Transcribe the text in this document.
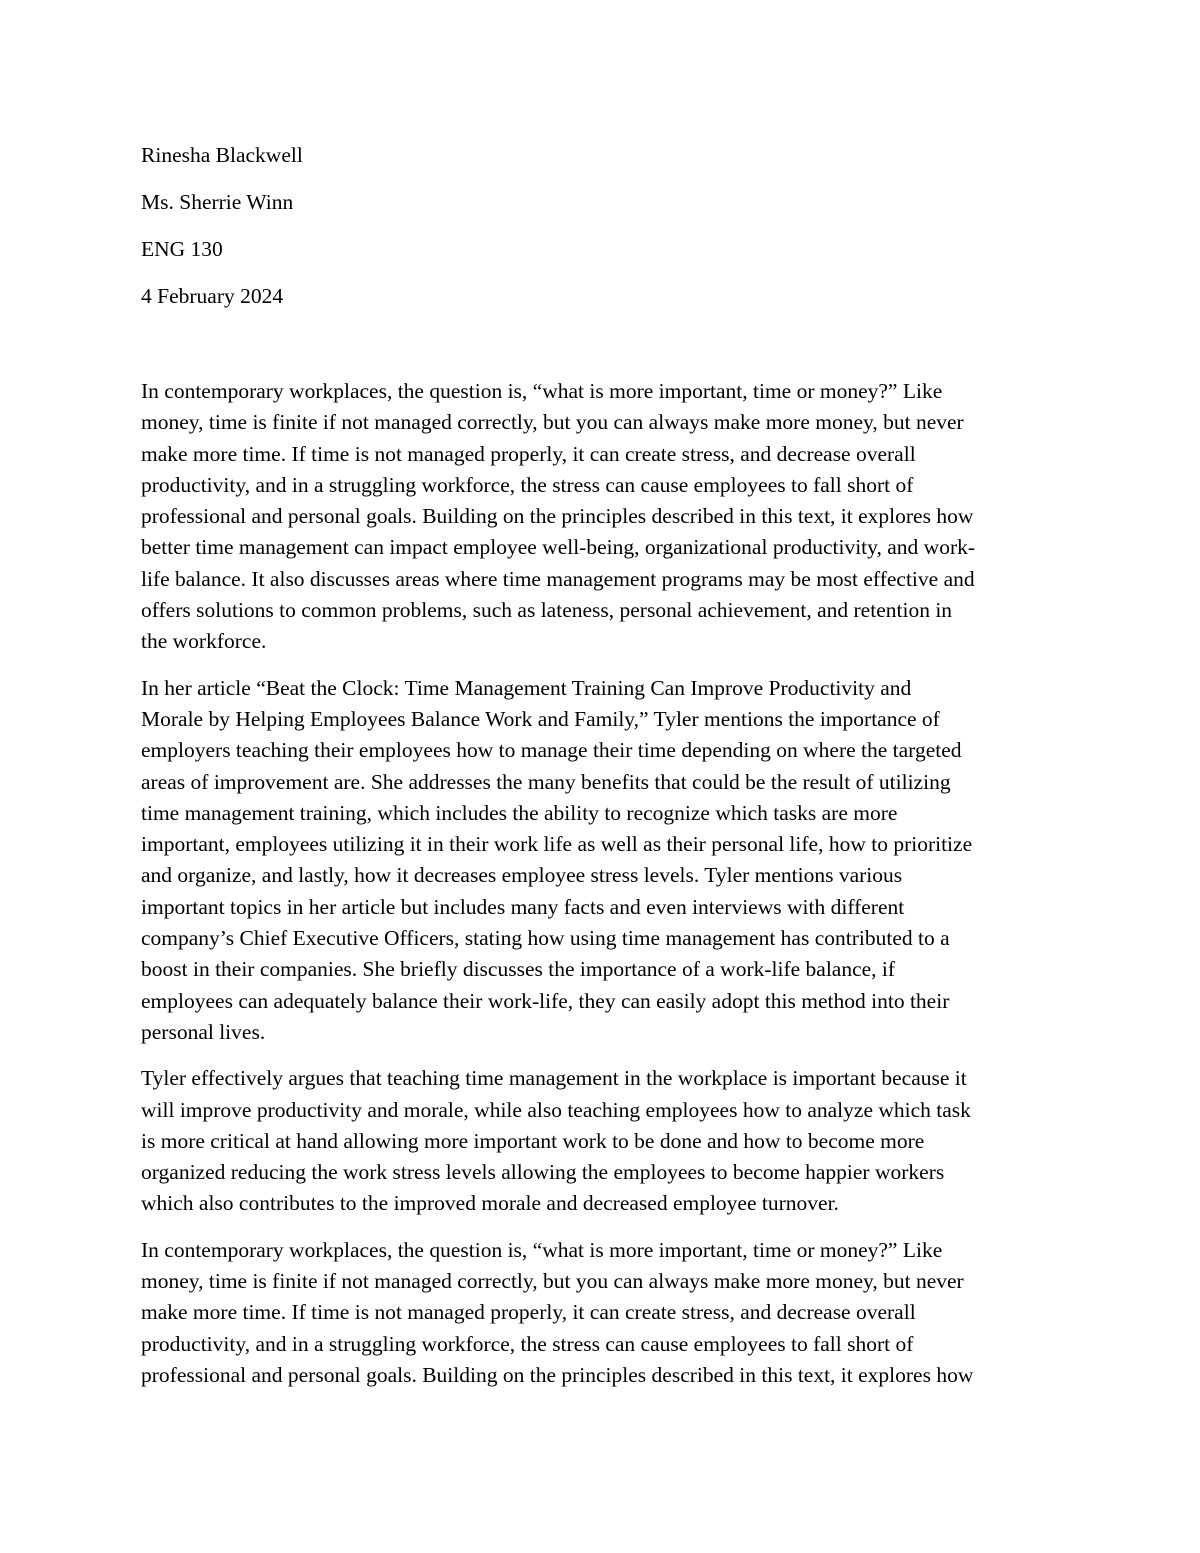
Rinesha Blackwell
Ms. Sherrie Winn
ENG 130
4 February 2024

In contemporary workplaces, the question is, “what is more important, time or money?” Like
money, time is finite if not managed correctly, but you can always make more money, but never
make more time. If time is not managed properly, it can create stress, and decrease overall
productivity, and in a struggling workforce, the stress can cause employees to fall short of
professional and personal goals. Building on the principles described in this text, it explores how
better time management can impact employee well-being, organizational productivity, and work-
life balance. It also discusses areas where time management programs may be most effective and
offers solutions to common problems, such as lateness, personal achievement, and retention in
the workforce.

In her article “Beat the Clock: Time Management Training Can Improve Productivity and
Morale by Helping Employees Balance Work and Family,” Tyler mentions the importance of
employers teaching their employees how to manage their time depending on where the targeted
areas of improvement are. She addresses the many benefits that could be the result of utilizing
time management training, which includes the ability to recognize which tasks are more
important, employees utilizing it in their work life as well as their personal life, how to prioritize
and organize, and lastly, how it decreases employee stress levels. Tyler mentions various
important topics in her article but includes many facts and even interviews with different
company’s Chief Executive Officers, stating how using time management has contributed to a
boost in their companies. She briefly discusses the importance of a work-life balance, if
employees can adequately balance their work-life, they can easily adopt this method into their
personal lives.

Tyler effectively argues that teaching time management in the workplace is important because it
will improve productivity and morale, while also teaching employees how to analyze which task
is more critical at hand allowing more important work to be done and how to become more
organized reducing the work stress levels allowing the employees to become happier workers
which also contributes to the improved morale and decreased employee turnover.

In contemporary workplaces, the question is, “what is more important, time or money?” Like
money, time is finite if not managed correctly, but you can always make more money, but never
make more time. If time is not managed properly, it can create stress, and decrease overall
productivity, and in a struggling workforce, the stress can cause employees to fall short of
professional and personal goals. Building on the principles described in this text, it explores how
